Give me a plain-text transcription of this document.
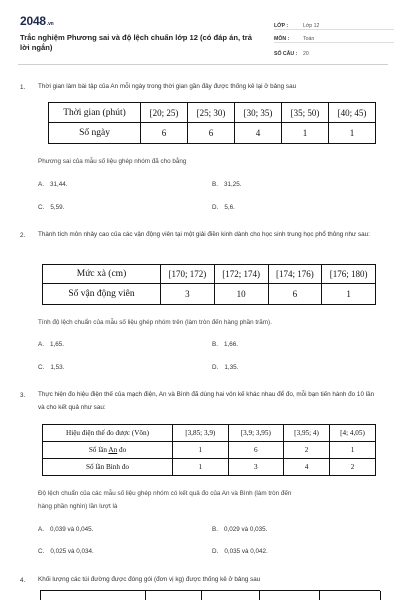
2048.vn
Trắc nghiệm Phương sai và độ lệch chuẩn lớp 12 (có đáp án, trả lời ngắn)
LỚP :	Lớp 12
MÔN :	Toán
SỐ CÂU :	20
1. Thời gian làm bài tập của An mỗi ngày trong thời gian gần đây được thống kê lại ở bảng sau
Thời gian (phút)	[20; 25)	[25; 30)	[30; 35)	[35; 50)	[40; 45)
Số ngày	6	6	4	1	1
Phương sai của mẫu số liệu ghép nhóm đã cho bằng
A. 31,44.	B. 31,25.
C. 5,59.	D. 5,6.
2. Thành tích môn nhảy cao của các vận động viên tại một giải điền kinh dành cho học sinh trung học phổ thông như sau:
Mức xà (cm)	[170; 172)	[172; 174)	[174; 176)	[176; 180)
Số vận động viên	3	10	6	1
Tính độ lệch chuẩn của mẫu số liệu ghép nhóm trên (làm tròn đến hàng phần trăm).
A. 1,65.	B. 1,66.
C. 1,53.	D. 1,35.
3. Thực hiện đo hiệu điện thế của mạch điện, An và Bình đã dùng hai vôn kế khác nhau để đo, mỗi bạn tiến hành đo 10 lần và cho kết quả như sau:
Hiệu điện thế đo được (Vôn)	[3,85; 3,9)	[3,9; 3,95)	[3,95; 4)	[4; 4,05)
Số lần An đo	1	6	2	1
Số lần Bình đo	1	3	4	2
Độ lệch chuẩn của các mẫu số liệu ghép nhóm có kết quả đo của An và Bình (làm tròn đến
hàng phần nghìn) lần lượt là
A. 0,039 và 0,045.	B. 0,029 và 0,035.
C. 0,025 và 0,034.	D. 0,035 và 0,042.
4. Khối lượng các túi đường được đóng gói (đơn vị kg) được thống kê ở bảng sau
